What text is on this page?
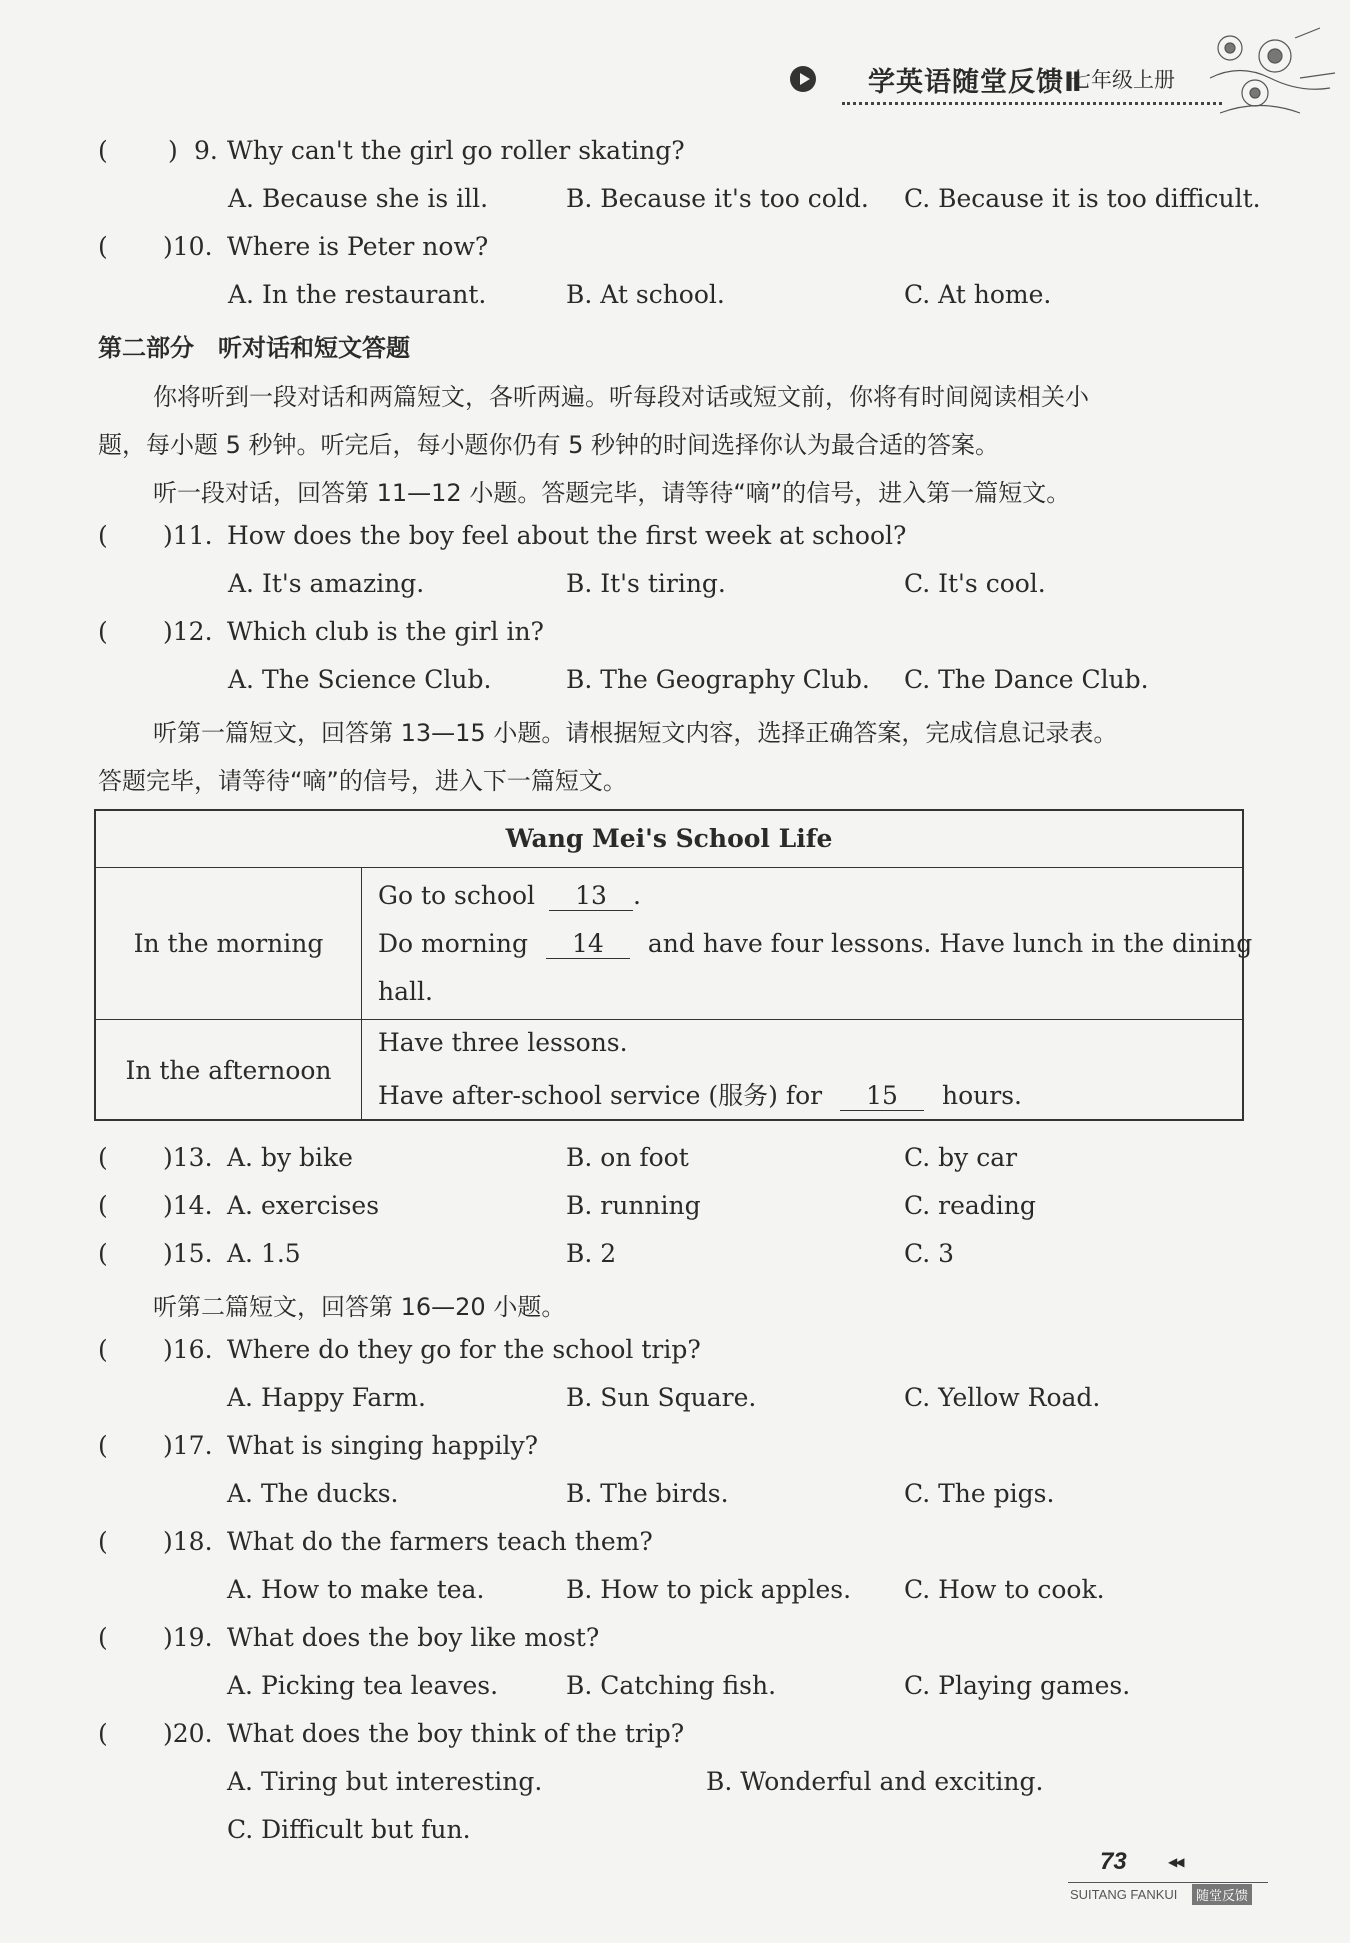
学英语随堂反馈Ⅱ
七年级上册
( ) 9. Why can't the girl go roller skating?
A. Because she is ill.	B. Because it's too cold. C. Because it is too difficult.
( )10. Where is Peter now?
A. In the restaurant.	B. At school.	C. At home.
第二部分　听对话和短文答题
你将听到一段对话和两篇短文，各听两遍。听每段对话或短文前，你将有时间阅读相关小
题，每小题 5 秒钟。听完后，每小题你仍有 5 秒钟的时间选择你认为最合适的答案。
听一段对话，回答第 11—12 小题。答题完毕，请等待“嘀”的信号，进入第一篇短文。
( )11. How does the boy feel about the first week at school?
A. It's amazing.	B. It's tiring.	C. It's cool.
( )12. Which club is the girl in?
A. The Science Club.	B. The Geography Club. C. The Dance Club.
听第一篇短文，回答第 13—15 小题。请根据短文内容，选择正确答案，完成信息记录表。
答题完毕，请等待“嘀”的信号，进入下一篇短文。
Wang Mei's School Life
In the morning
Go to school 13 .
Do morning 14 and have four lessons. Have lunch in the dining
hall.
In the afternoon
Have three lessons.
Have after-school service (服务) for 15 hours.
( )13. A. by bike	B. on foot	C. by car
( )14. A. exercises	B. running	C. reading
( )15. A. 1.5	B. 2	C. 3
听第二篇短文，回答第 16—20 小题。
( )16. Where do they go for the school trip?
A. Happy Farm.	B. Sun Square.	C. Yellow Road.
( )17. What is singing happily?
A. The ducks.	B. The birds.	C. The pigs.
( )18. What do the farmers teach them?
A. How to make tea.	B. How to pick apples. C. How to cook.
( )19. What does the boy like most?
A. Picking tea leaves.	B. Catching fish.	C. Playing games.
( )20. What does the boy think of the trip?
A. Tiring but interesting.	B. Wonderful and exciting.
C. Difficult but fun.
73	◀◀
SUITANG FANKUI	随堂反馈
